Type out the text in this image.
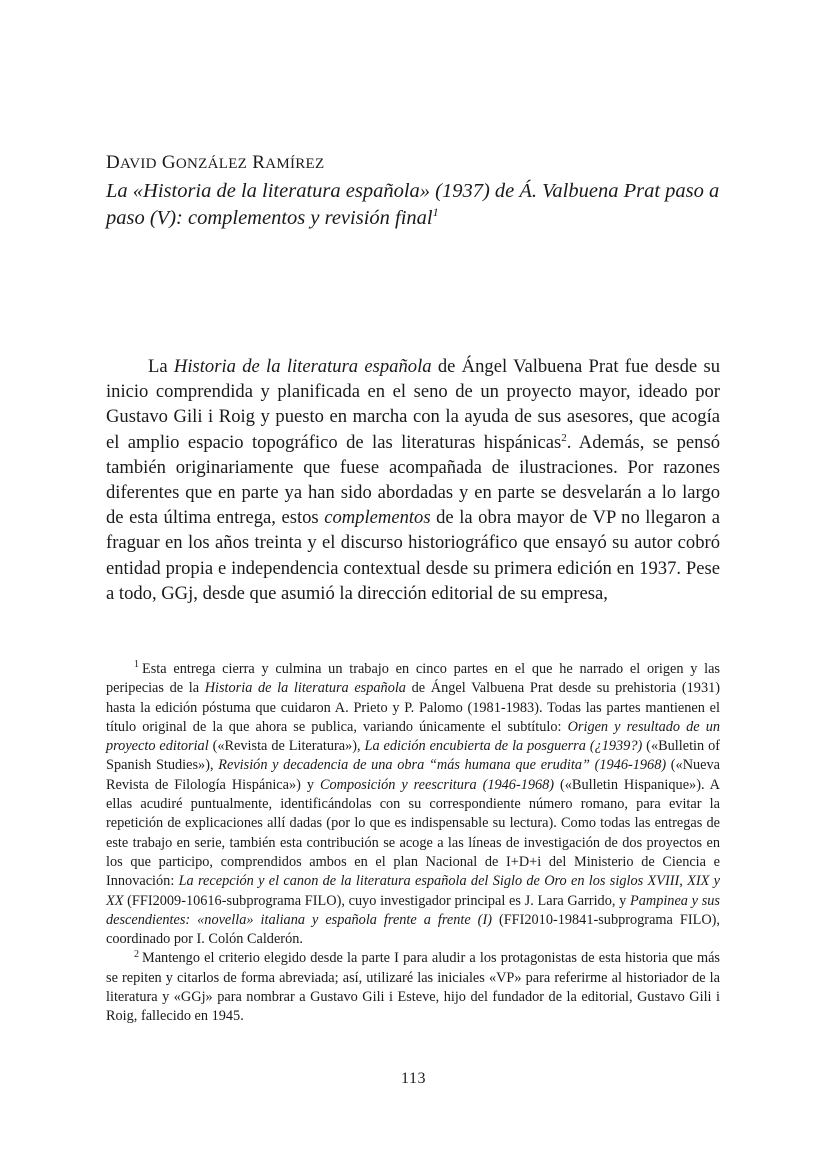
DAVID GONZÁLEZ RAMÍREZ
La «Historia de la literatura española» (1937) de Á. Valbuena Prat paso a paso (V): complementos y revisión final$^1$

La Historia de la literatura española de Ángel Valbuena Prat fue desde su inicio comprendida y planificada en el seno de un proyecto mayor, ideado por Gustavo Gili i Roig y puesto en marcha con la ayuda de sus asesores, que acogía el amplio espacio topográfico de las literaturas hispánicas$^2$. Además, se pensó también originariamente que fuese acompañada de ilustraciones. Por razones diferentes que en parte ya han sido abordadas y en parte se desvelarán a lo largo de esta última entrega, estos complementos de la obra mayor de VP no llegaron a fraguar en los años treinta y el discurso historiográfico que ensayó su autor cobró entidad propia e independencia contextual desde su primera edición en 1937. Pese a todo, GGj, desde que asumió la dirección editorial de su empresa,

$^1$ Esta entrega cierra y culmina un trabajo en cinco partes en el que he narrado el origen y las peripecias de la Historia de la literatura española de Ángel Valbuena Prat desde su prehistoria (1931) hasta la edición póstuma que cuidaron A. Prieto y P. Palomo (1981-1983). Todas las partes mantienen el título original de la que ahora se publica, variando únicamente el subtítulo: Origen y resultado de un proyecto editorial («Revista de Literatura»), La edición encubierta de la posguerra (¿1939?) («Bulletin of Spanish Studies»), Revisión y decadencia de una obra “más humana que erudita” (1946-1968) («Nueva Revista de Filología Hispánica») y Composición y reescritura (1946-1968) («Bulletin Hispanique»). A ellas acudiré puntualmente, identificándolas con su correspondiente número romano, para evitar la repetición de explicaciones allí dadas (por lo que es indispensable su lectura). Como todas las entregas de este trabajo en serie, también esta contribución se acoge a las líneas de investigación de dos proyectos en los que participo, comprendidos ambos en el plan Nacional de I+D+i del Ministerio de Ciencia e Innovación: La recepción y el canon de la literatura española del Siglo de Oro en los siglos XVIII, XIX y XX (FFI2009-10616-subprograma FILO), cuyo investigador principal es J. Lara Garrido, y Pampinea y sus descendientes: «novella» italiana y española frente a frente (I) (FFI2010-19841-subprograma FILO), coordinado por I. Colón Calderón.

$^2$ Mantengo el criterio elegido desde la parte I para aludir a los protagonistas de esta historia que más se repiten y citarlos de forma abreviada; así, utilizaré las iniciales «VP» para referirme al historiador de la literatura y «GGj» para nombrar a Gustavo Gili i Esteve, hijo del fundador de la editorial, Gustavo Gili i Roig, fallecido en 1945.

113
